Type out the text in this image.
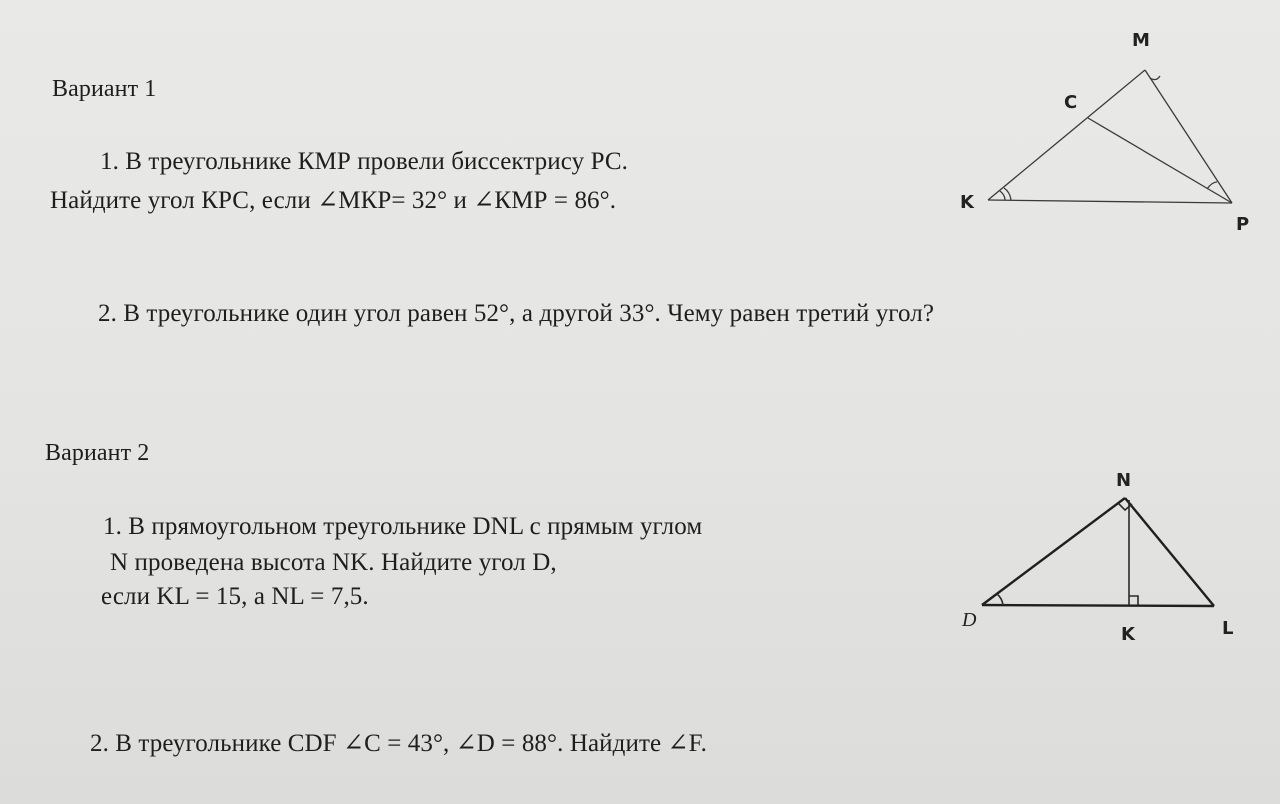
Вариант 1
1. В треугольнике КМР провели биссектрису РС.
Найдите угол КРС, если ∠МКР= 32° и ∠КМР = 86°.
2. В треугольнике один угол равен 52°, а другой 33°. Чему равен третий угол?
M
C
K
P
Вариант 2
1. В прямоугольном треугольнике DNL с прямым углом
N проведена высота NK. Найдите угол D,
если KL = 15, а NL = 7,5.
2. В треугольнике CDF ∠C = 43°, ∠D = 88°. Найдите ∠F.
N
D
K	L
